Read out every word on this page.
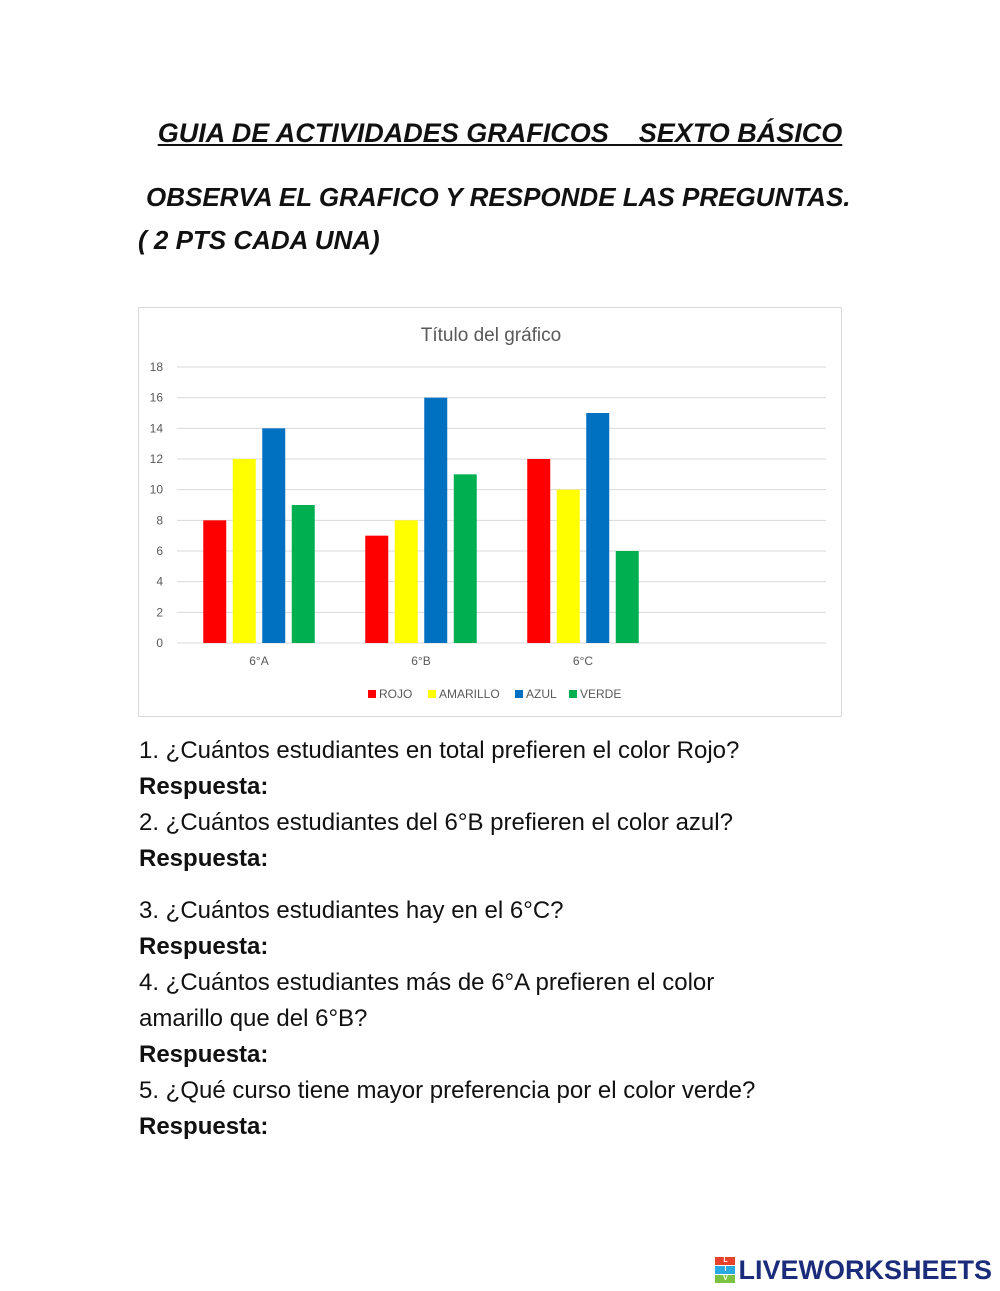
GUIA DE ACTIVIDADES GRAFICOS    SEXTO BÁSICO
OBSERVA EL GRAFICO Y RESPONDE LAS PREGUNTAS.
( 2 PTS CADA UNA)
Título del gráfico
0
2
4
6
8
10
12
14
16
18
6°A	6°B	6°C
ROJO AMARILLO AZUL VERDE

1. ¿Cuántos estudiantes en total prefieren el color Rojo?

Respuesta:

2. ¿Cuántos estudiantes del 6°B prefieren el color azul?

Respuesta:

3. ¿Cuántos estudiantes hay en el 6°C?

Respuesta:

4. ¿Cuántos estudiantes más de 6°A prefieren el color

amarillo que del 6°B?

Respuesta:

5. ¿Qué curso tiene mayor preferencia por el color verde?

Respuesta:

L
I
V LIVEWORKSHEETS
